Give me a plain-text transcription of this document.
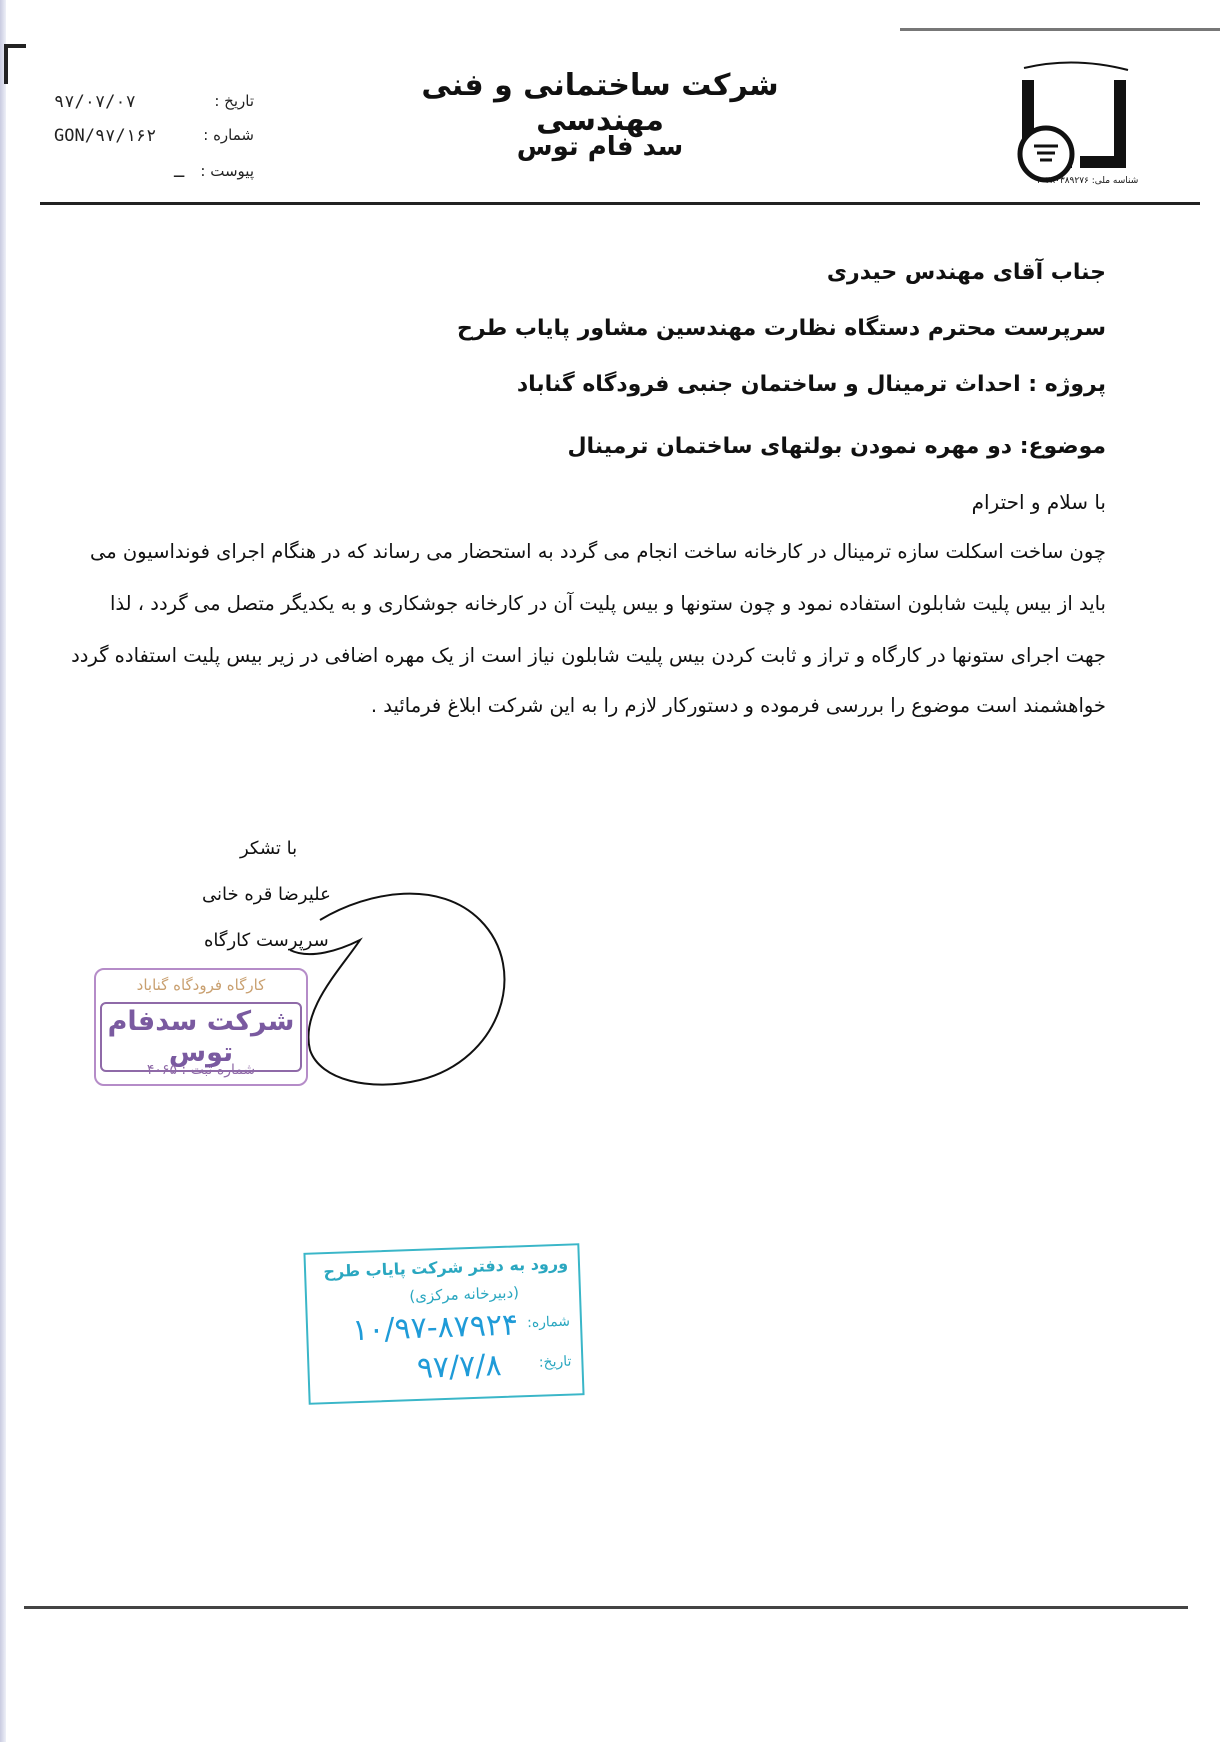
شناسه ملی: ۱۰۳۸۰۳۸۹۲۷۶
شرکت ساختمانی و فنی مهندسی
سد فام توس
تاریخ :
۹۷/۰۷/۰۷
شماره :
GON/۹۷/۱۶۲
پیوست :
ـ
جناب آقای مهندس حیدری
سرپرست محترم دستگاه نظارت مهندسین مشاور پایاب طرح
پروژه : احداث ترمینال و ساختمان جنبی فرودگاه گناباد
موضوع: دو مهره نمودن بولتهای ساختمان ترمینال
با سلام و احترام
چون ساخت اسکلت سازه ترمینال در کارخانه ساخت انجام می گردد به استحضار می رساند که در هنگام اجرای فونداسیون می
باید از بیس پلیت شابلون استفاده نمود و چون ستونها و بیس پلیت آن در کارخانه جوشکاری و به یکدیگر متصل می گردد ، لذا
جهت اجرای ستونها در کارگاه و تراز و ثابت کردن بیس پلیت شابلون نیاز است از یک مهره اضافی در زیر بیس پلیت استفاده گردد
خواهشمند است موضوع را بررسی فرموده و دستورکار لازم را به این شرکت ابلاغ فرمائید .
با تشکر
علیرضا قره خانی
سرپرست کارگاه
کارگاه فرودگاه گناباد
شرکت سدفام توس
شماره ثبت : ۴۰۶۵
ورود به دفتر شرکت پایاب طرح
(دبیرخانه مرکزی)
شماره:
۱۰/۹۷-۸۷۹۲۴
تاریخ:
۹۷/۷/۸
